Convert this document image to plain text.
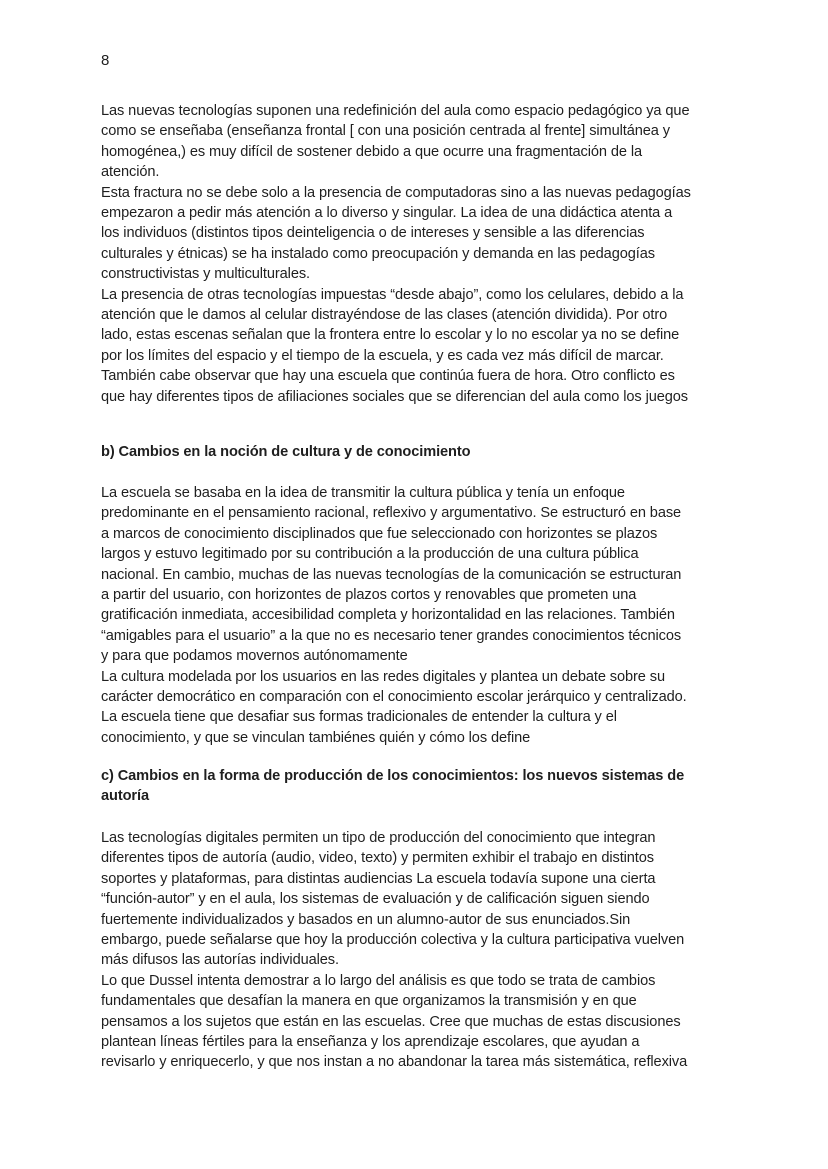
8
Las nuevas tecnologías suponen una redefinición del aula como espacio pedagógico ya que
como se enseñaba (enseñanza frontal [ con una posición centrada al frente] simultánea y
homogénea,) es muy difícil de sostener debido a que ocurre una fragmentación de la
atención.
Esta fractura no se debe solo a la presencia de computadoras sino a las nuevas pedagogías
empezaron a pedir más atención a lo diverso y singular. La idea de una didáctica atenta a
los individuos (distintos tipos deinteligencia o de intereses y sensible a las diferencias
culturales y étnicas) se ha instalado como preocupación y demanda en las pedagogías
constructivistas y multiculturales.
La presencia de otras tecnologías impuestas “desde abajo”, como los celulares, debido a la
atención que le damos al celular distrayéndose de las clases (atención dividida). Por otro
lado, estas escenas señalan que la frontera entre lo escolar y lo no escolar ya no se define
por los límites del espacio y el tiempo de la escuela, y es cada vez más difícil de marcar.
También cabe observar que hay una escuela que continúa fuera de hora. Otro conflicto es
que hay diferentes tipos de afiliaciones sociales que se diferencian del aula como los juegos
b) Cambios en la noción de cultura y de conocimiento
La escuela se basaba en la idea de transmitir la cultura pública y tenía un enfoque
predominante en el pensamiento racional, reflexivo y argumentativo. Se estructuró en base
a marcos de conocimiento disciplinados que fue seleccionado con horizontes se plazos
largos y estuvo legitimado por su contribución a la producción de una cultura pública
nacional. En cambio, muchas de las nuevas tecnologías de la comunicación se estructuran
a partir del usuario, con horizontes de plazos cortos y renovables que prometen una
gratificación inmediata, accesibilidad completa y horizontalidad en las relaciones. También
“amigables para el usuario” a la que no es necesario tener grandes conocimientos técnicos
y para que podamos movernos autónomamente
La cultura modelada por los usuarios en las redes digitales y plantea un debate sobre su
carácter democrático en comparación con el conocimiento escolar jerárquico y centralizado.
La escuela tiene que desafiar sus formas tradicionales de entender la cultura y el
conocimiento, y que se vinculan tambiénes quién y cómo los define
c) Cambios en la forma de producción de los conocimientos: los nuevos sistemas de
autoría
Las tecnologías digitales permiten un tipo de producción del conocimiento que integran
diferentes tipos de autoría (audio, video, texto) y permiten exhibir el trabajo en distintos
soportes y plataformas, para distintas audiencias La escuela todavía supone una cierta
“función-autor” y en el aula, los sistemas de evaluación y de calificación siguen siendo
fuertemente individualizados y basados en un alumno-autor de sus enunciados.Sin
embargo, puede señalarse que hoy la producción colectiva y la cultura participativa vuelven
más difusos las autorías individuales.
Lo que Dussel intenta demostrar a lo largo del análisis es que todo se trata de cambios
fundamentales que desafían la manera en que organizamos la transmisión y en que
pensamos a los sujetos que están en las escuelas. Cree que muchas de estas discusiones
plantean líneas fértiles para la enseñanza y los aprendizaje escolares, que ayudan a
revisarlo y enriquecerlo, y que nos instan a no abandonar la tarea más sistemática, reflexiva
